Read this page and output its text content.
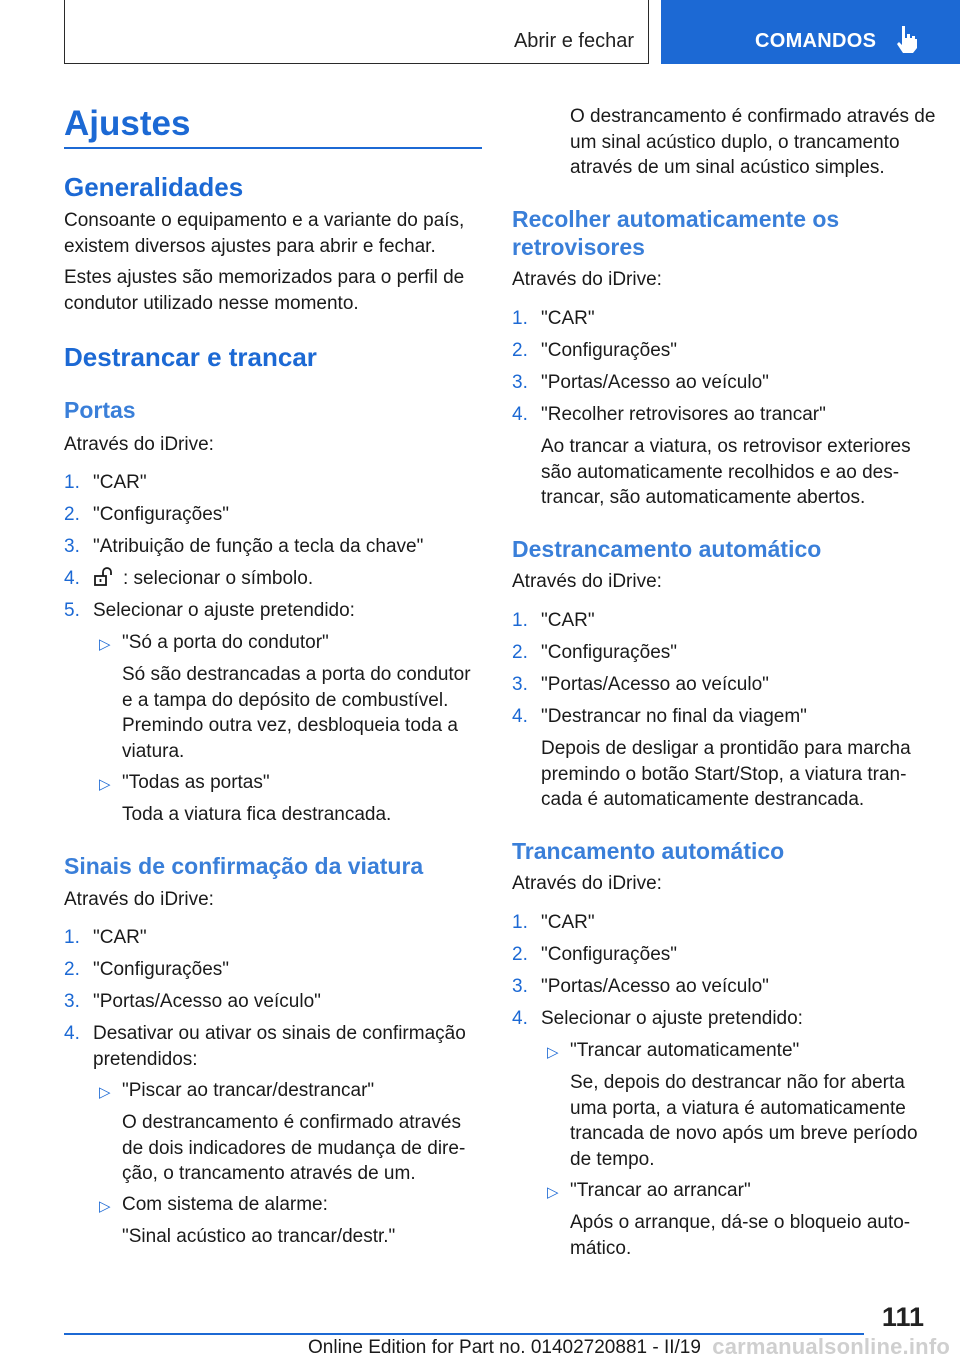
Abrir e fechar	COMANDOS
Ajustes
Generalidades
Consoante o equipamento e a variante do país, existem diversos ajustes para abrir e fechar.
Estes ajustes são memorizados para o perfil de condutor utilizado nesse momento.
Destrancar e trancar
Portas
Através do iDrive:
1. "CAR"
2. "Configurações"
3. "Atribuição de função a tecla da chave"
4.	: selecionar o símbolo.
5. Selecionar o ajuste pretendido:
▷ "Só a porta do condutor"
Só são destrancadas a porta do condutor e a tampa do depósito de combustível. Premindo outra vez, desbloqueia toda a viatura.
▷ "Todas as portas"
Toda a viatura fica destrancada.
Sinais de confirmação da viatura
Através do iDrive:
1. "CAR"
2. "Configurações"
3. "Portas/Acesso ao veículo"
4. Desativar ou ativar os sinais de confirmação pretendidos:
▷ "Piscar ao trancar/destrancar"
O destrancamento é confirmado através de dois indicadores de mudança de dire-ção, o trancamento através de um.
▷ Com sistema de alarme:
"Sinal acústico ao trancar/destr."
O destrancamento é confirmado através de um sinal acústico duplo, o trancamento através de um sinal acústico simples.
Recolher automaticamente os retrovisores
Através do iDrive:
1. "CAR"
2. "Configurações"
3. "Portas/Acesso ao veículo"
4. "Recolher retrovisores ao trancar"
Ao trancar a viatura, os retrovisor exteriores são automaticamente recolhidos e ao des-trancar, são automaticamente abertos.
Destrancamento automático
Através do iDrive:
1. "CAR"
2. "Configurações"
3. "Portas/Acesso ao veículo"
4. "Destrancar no final da viagem"
Depois de desligar a prontidão para marcha premindo o botão Start/Stop, a viatura tran-cada é automaticamente destrancada.
Trancamento automático
Através do iDrive:
1. "CAR"
2. "Configurações"
3. "Portas/Acesso ao veículo"
4. Selecionar o ajuste pretendido:
▷ "Trancar automaticamente"
Se, depois do destrancar não for aberta uma porta, a viatura é automaticamente trancada de novo após um breve período de tempo.
▷ "Trancar ao arrancar"
Após o arranque, dá-se o bloqueio auto-mático.
111
Online Edition for Part no. 01402720881 - II/19 carmanualsonline.info
